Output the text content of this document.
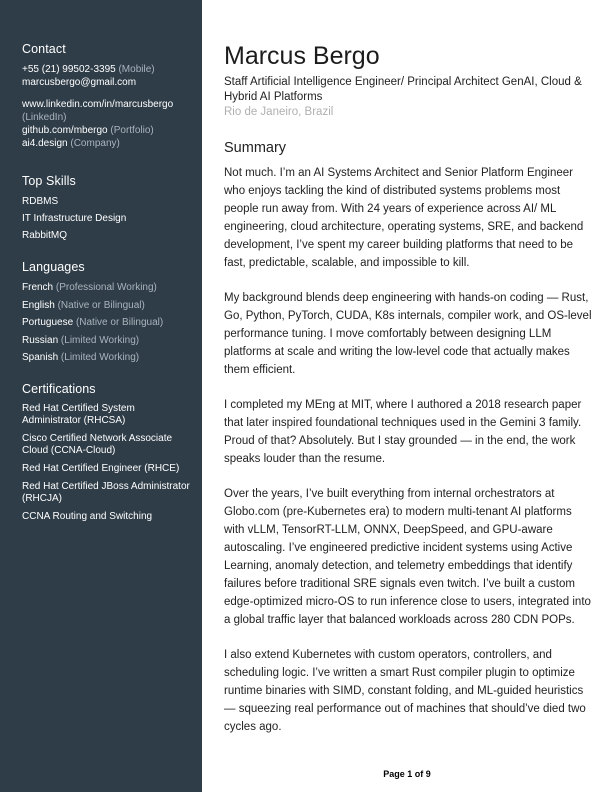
Contact
+55 (21) 99502-3395 (Mobile)
marcusbergo@gmail.com
www.linkedin.com/in/marcusbergo
(LinkedIn)
github.com/mbergo (Portfolio)
ai4.design (Company)
Top Skills
RDBMS
IT Infrastructure Design
RabbitMQ
Languages
French (Professional Working)
English (Native or Bilingual)
Portuguese (Native or Bilingual)
Russian (Limited Working)
Spanish (Limited Working)
Certifications
Red Hat Certified System Administrator (RHCSA)
Cisco Certified Network Associate Cloud (CCNA-Cloud)
Red Hat Certified Engineer (RHCE)
Red Hat Certified JBoss Administrator (RHCJA)
CCNA Routing and Switching
Marcus Bergo
Staff Artificial Intelligence Engineer/ Principal Architect GenAI, Cloud & Hybrid AI Platforms
Rio de Janeiro, Brazil
Summary

Not much. I’m an AI Systems Architect and Senior Platform Engineer who enjoys tackling the kind of distributed systems problems most people run away from. With 24 years of experience across AI/ ML engineering, cloud architecture, operating systems, SRE, and backend development, I’ve spent my career building platforms that need to be fast, predictable, scalable, and impossible to kill.

My background blends deep engineering with hands-on coding — Rust, Go, Python, PyTorch, CUDA, K8s internals, compiler work, and OS-level performance tuning. I move comfortably between designing LLM platforms at scale and writing the low-level code that actually makes them efficient.

I completed my MEng at MIT, where I authored a 2018 research paper that later inspired foundational techniques used in the Gemini 3 family. Proud of that? Absolutely. But I stay grounded — in the end, the work speaks louder than the resume.

Over the years, I’ve built everything from internal orchestrators at Globo.com (pre-Kubernetes era) to modern multi-tenant AI platforms with vLLM, TensorRT-LLM, ONNX, DeepSpeed, and GPU-aware autoscaling. I’ve engineered predictive incident systems using Active Learning, anomaly detection, and telemetry embeddings that identify failures before traditional SRE signals even twitch. I’ve built a custom edge-optimized micro-OS to run inference close to users, integrated into a global traffic layer that balanced workloads across 280 CDN POPs.

I also extend Kubernetes with custom operators, controllers, and scheduling logic. I’ve written a smart Rust compiler plugin to optimize runtime binaries with SIMD, constant folding, and ML-guided heuristics — squeezing real performance out of machines that should’ve died two cycles ago.

Page 1 of 9
